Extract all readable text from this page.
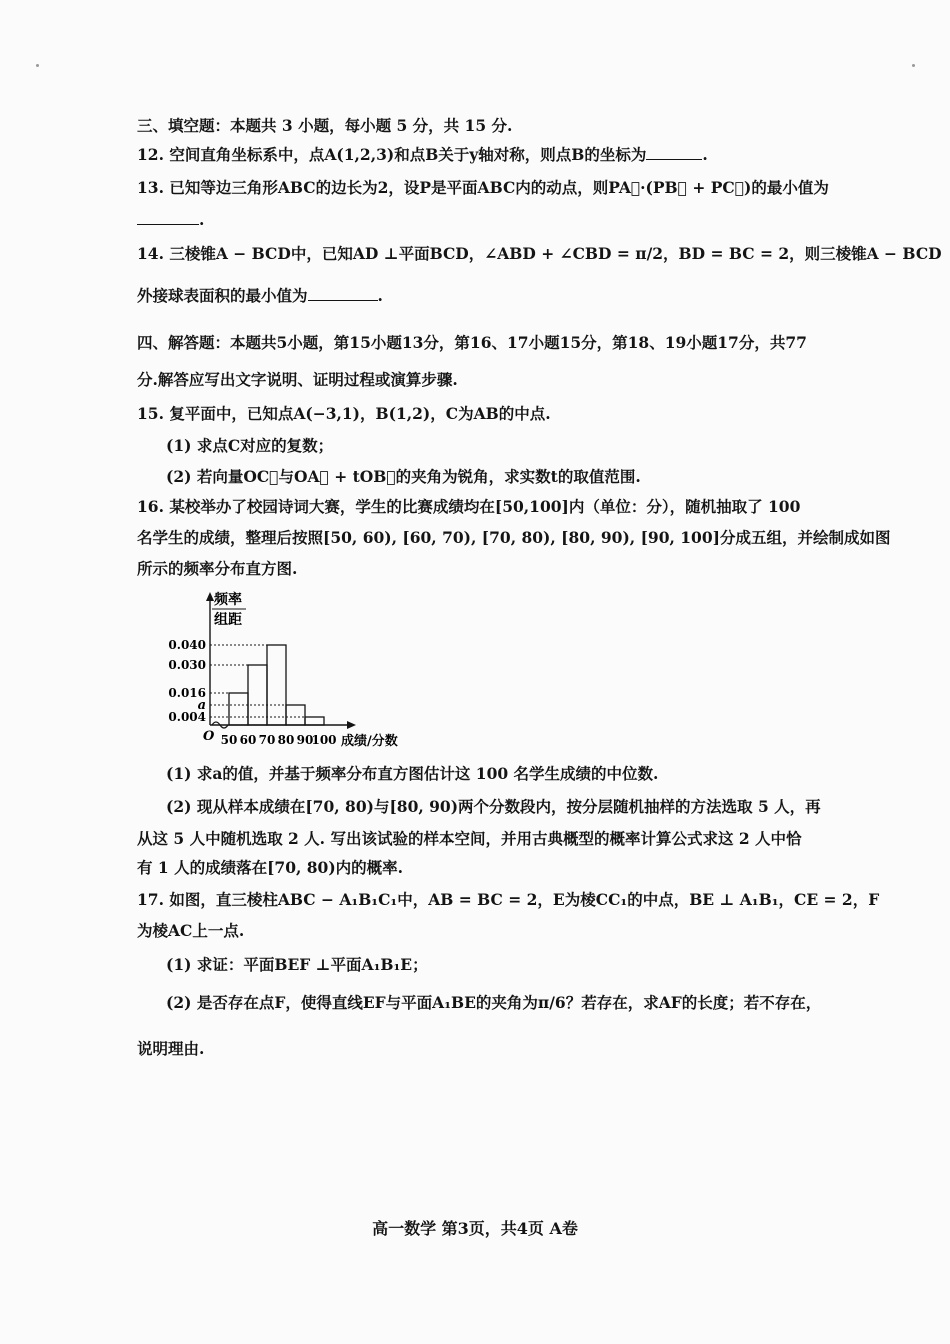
三、填空题：本题共 3 小题，每小题 5 分，共 15 分.
12. 空间直角坐标系中，点A(1,2,3)和点B关于y轴对称，则点B的坐标为	.
13. 已知等边三角形ABC的边长为2，设P是平面ABC内的动点，则PA⃗·(PB⃗ + PC⃗)的最小值为
.
14. 三棱锥A − BCD中，已知AD ⊥平面BCD，∠ABD + ∠CBD = π/2，BD = BC = 2，则三棱锥A − BCD
外接球表面积的最小值为	.
四、解答题：本题共5小题，第15小题13分，第16、17小题15分，第18、19小题17分，共77
分.解答应写出文字说明、证明过程或演算步骤.
15. 复平面中，已知点A(−3,1)，B(1,2)，C为AB的中点.
(1) 求点C对应的复数；
(2) 若向量OC⃗与OA⃗ + tOB⃗的夹角为锐角，求实数t的取值范围.
16. 某校举办了校园诗词大赛，学生的比赛成绩均在[50,100]内（单位：分），随机抽取了 100
名学生的成绩，整理后按照[50, 60), [60, 70), [70, 80), [80, 90), [90, 100]分成五组，并绘制成如图
所示的频率分布直方图.
频率
组距
0.040
0.030
0.016
a
0.004
50 60 70 80 90
100
O	成绩/分数
(1) 求a的值，并基于频率分布直方图估计这 100 名学生成绩的中位数.
(2) 现从样本成绩在[70, 80)与[80, 90)两个分数段内，按分层随机抽样的方法选取 5 人，再
从这 5 人中随机选取 2 人. 写出该试验的样本空间，并用古典概型的概率计算公式求这 2 人中恰
有 1 人的成绩落在[70, 80)内的概率.
17. 如图，直三棱柱ABC − A₁B₁C₁中，AB = BC = 2，E为棱CC₁的中点，BE ⊥ A₁B₁，CE = 2，F
为棱AC上一点.
(1) 求证：平面BEF ⊥平面A₁B₁E；
(2) 是否存在点F，使得直线EF与平面A₁BE的夹角为π/6？若存在，求AF的长度；若不存在，
说明理由.
高一数学 第3页，共4页 A卷
